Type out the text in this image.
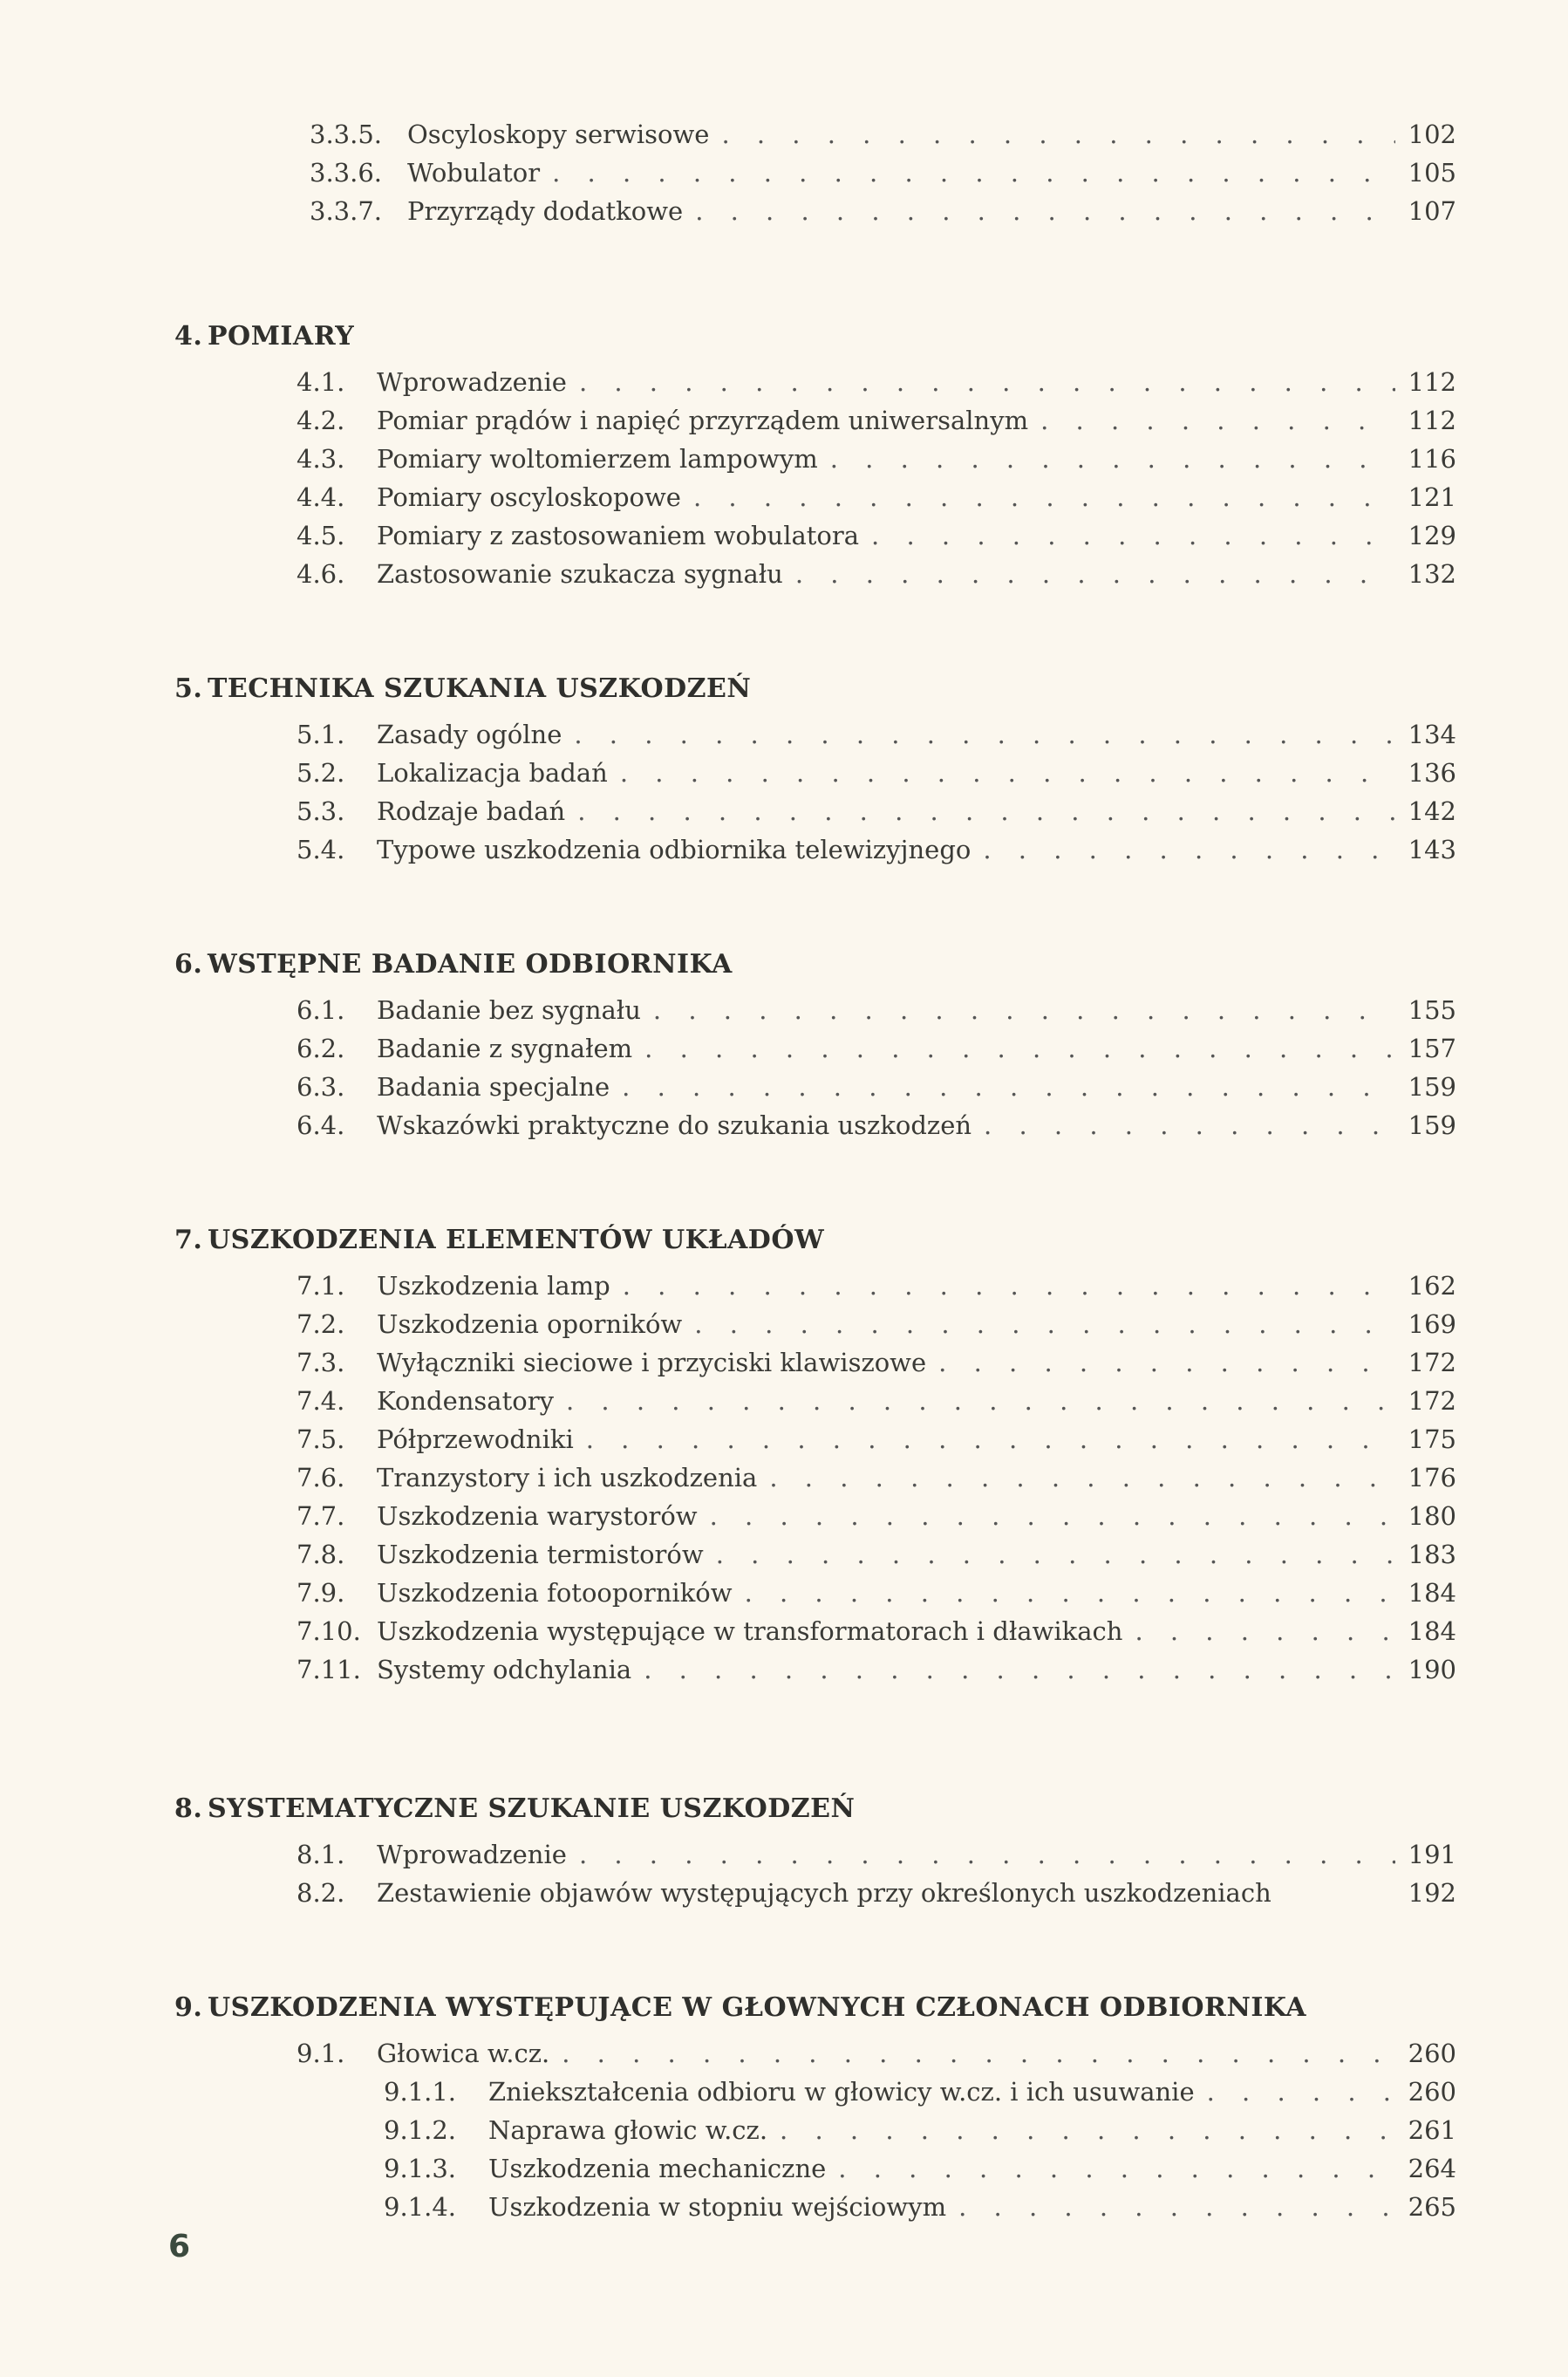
3.3.5. Oscyloskopy serwisowe . . .	102
3.3.6. Wobulator . . .	105
3.3.7. Przyrządy dodatkowe . . .	107
4. POMIARY
4.1.	Wprowadzenie . . .	112
4.2.	Pomiar prądów i napięć przyrządem uniwersalnym . . .	112
4.3.	Pomiary woltomierzem lampowym . . .	116
4.4.	Pomiary oscyloskopowe . . .	121
4.5.	Pomiary z zastosowaniem wobulatora . . .	129
4.6.	Zastosowanie szukacza sygnału . . .	132
5. TECHNIKA SZUKANIA USZKODZEŃ
5.1.	Zasady ogólne . . .	134
5.2.	Lokalizacja badań . . .	136
5.3.	Rodzaje badań . . .	142
5.4.	Typowe uszkodzenia odbiornika telewizyjnego . . .	143
6. WSTĘPNE BADANIE ODBIORNIKA
6.1.	Badanie bez sygnału . . .	155
6.2.	Badanie z sygnałem . . .	157
6.3.	Badania specjalne . . .	159
6.4.	Wskazówki praktyczne do szukania uszkodzeń . . .	159
7. USZKODZENIA ELEMENTÓW UKŁADÓW
7.1.	Uszkodzenia lamp . . .	162
7.2.	Uszkodzenia oporników . . .	169
7.3.	Wyłączniki sieciowe i przyciski klawiszowe . . .	172
7.4.	Kondensatory . . .	172
7.5.	Półprzewodniki . . .	175
7.6.	Tranzystory i ich uszkodzenia . . .	176
7.7.	Uszkodzenia warystorów . . .	180
7.8.	Uszkodzenia termistorów . . .	183
7.9.	Uszkodzenia fotooporników . . .	184
7.10. Uszkodzenia występujące w transformatorach i dławikach . . .	184
7.11. Systemy odchylania . . .	190
8. SYSTEMATYCZNE SZUKANIE USZKODZEŃ
8.1.	Wprowadzenie . . .	191
8.2.	Zestawienie objawów występujących przy określonych uszkodzeniach	192
9. USZKODZENIA WYSTĘPUJĄCE W GŁOWNYCH CZŁONACH ODBIORNIKA
9.1.	Głowica w.cz. . . .	260
9.1.1.	Zniekształcenia odbioru w głowicy w.cz. i ich usuwanie . . .	260
9.1.2.	Naprawa głowic w.cz. . . .	261
9.1.3.	Uszkodzenia mechaniczne . . .	264
9.1.4.	Uszkodzenia w stopniu wejściowym . . .	265
6
